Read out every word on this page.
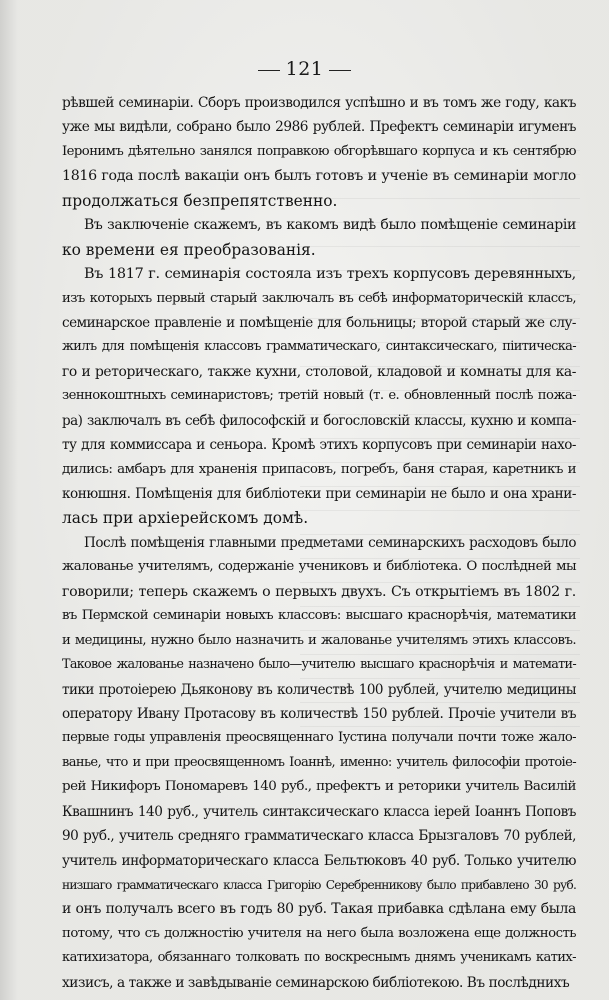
121
рѣвшей семинарiи. Сборъ производился успѣшно и въ томъ же году, какъ
уже мы видѣли, собрано было 2986 рублей. Префектъ семинарiи игуменъ
Iеронимъ дѣятельно занялся поправкою обгорѣвшаго корпуса и къ сентябрю
1816 года послѣ вакацiи онъ былъ готовъ и ученiе въ семинарiи могло
продолжаться безпрепятственно.
Въ заключенiе скажемъ, въ какомъ видѣ было помѣщенiе семинарiи
ко времени ея преобразованiя.
Въ 1817 г. семинарiя состояла изъ трехъ корпусовъ деревянныхъ,
изъ которыхъ первый старый заключалъ въ себѣ информаторическiй классъ,
семинарское правленiе и помѣщенiе для больницы; второй старый же слу-
жилъ для помѣщенiя классовъ грамматическаго, синтаксическаго, пiитическа-
го и реторическаго, также кухни, столовой, кладовой и комнаты для ка-
зеннокоштныхъ семинаристовъ; третiй новый (т. е. обновленный послѣ пожа-
ра) заключалъ въ себѣ философскiй и богословскiй классы, кухню и компа-
ту для коммиссара и сеньора. Кромѣ этихъ корпусовъ при семинарiи нахо-
дились: амбаръ для храненiя припасовъ, погребъ, баня старая, каретникъ и
конюшня. Помѣщенiя для библiотеки при семинарiи не было и она храни-
лась при архiерейскомъ домѣ.
Послѣ помѣщенiя главными предметами семинарскихъ расходовъ было
жалованье учителямъ, содержанiе учениковъ и библiотека. О послѣдней мы
говорили; теперь скажемъ о первыхъ двухъ. Съ открытiемъ въ 1802 г.
въ Пермской семинарiи новыхъ классовъ: высшаго краснорѣчiя, математики
и медицины, нужно было назначить и жалованье учителямъ этихъ классовъ.
Таковое жалованье назначено было—учителю высшаго краснорѣчiя и математи-
тики протоiерею Дьяконову въ количествѣ 100 рублей, учителю медицины
оператору Ивану Протасову въ количествѣ 150 рублей. Прочiе учители въ
первые годы управленiя преосвященнаго Iустина получали почти тоже жало-
ванье, что и при преосвященномъ Iоаннѣ, именно: учитель философiи протоiе-
рей Никифоръ Пономаревъ 140 руб., префектъ и реторики учитель Василiй
Квашнинъ 140 руб., учитель синтаксическаго класса iерей Iоаннъ Поповъ
90 руб., учитель средняго грамматическаго класса Брызгаловъ 70 рублей,
учитель информаторическаго класса Бельтюковъ 40 руб. Только учителю
низшаго грамматическаго класса Григорiю Серебренникову было прибавлено 30 руб.
и онъ получалъ всего въ годъ 80 руб. Такая прибавка сдѣлана ему была
потому, что съ должностiю учителя на него была возложена еще должность
катихизатора, обязаннаго толковать по воскреснымъ днямъ ученикамъ катих-
хизисъ, а также и завѣдыванiе семинарскою библiотекою. Въ послѣднихъ
